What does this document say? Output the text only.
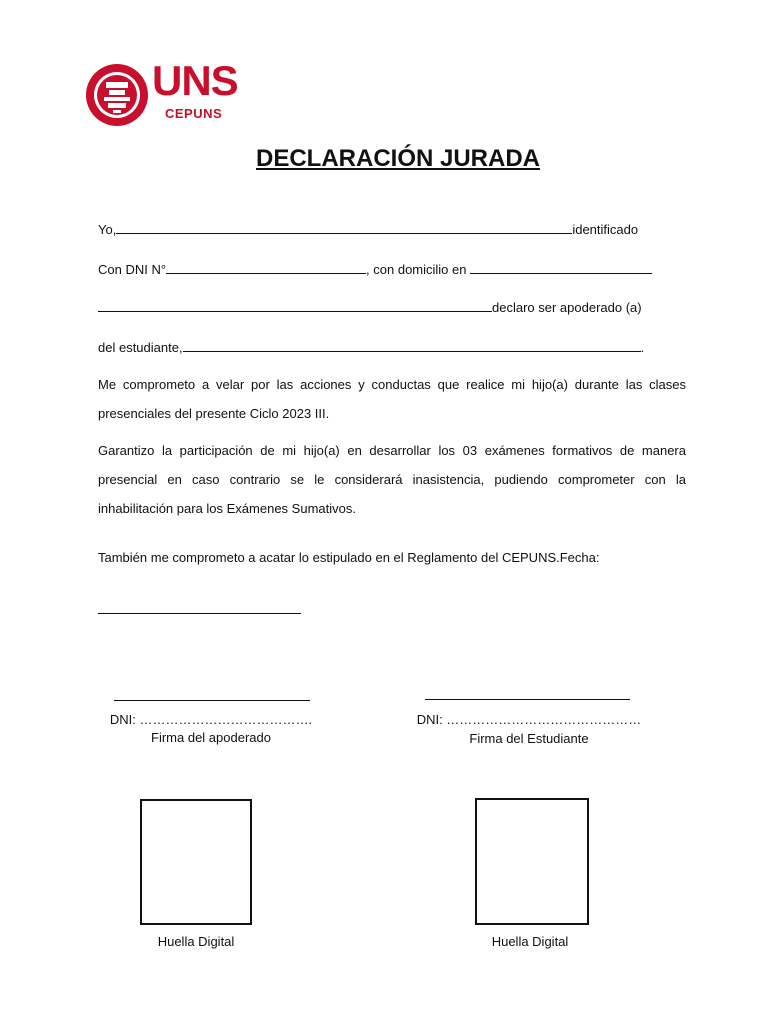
UNS
CEPUNS
DECLARACIÓN JURADA
Yo,	identificado
Con DNI N°	, con domicilio en
declaro ser apoderado (a)
del estudiante,	.
Me comprometo a velar por las acciones y conductas que realice mi hijo(a) durante las clases presenciales del presente Ciclo 2023 III.
Garantizo la participación de mi hijo(a) en desarrollar los 03 exámenes formativos de manera presencial en caso contrario se le considerará inasistencia, pudiendo comprometer con la inhabilitación para los Exámenes Sumativos.
También me comprometo a acatar lo estipulado en el Reglamento del CEPUNS.Fecha:
DNI: ………………………………….
Firma del apoderado
DNI: ………………………………………
Firma del Estudiante
Huella Digital	Huella Digital
